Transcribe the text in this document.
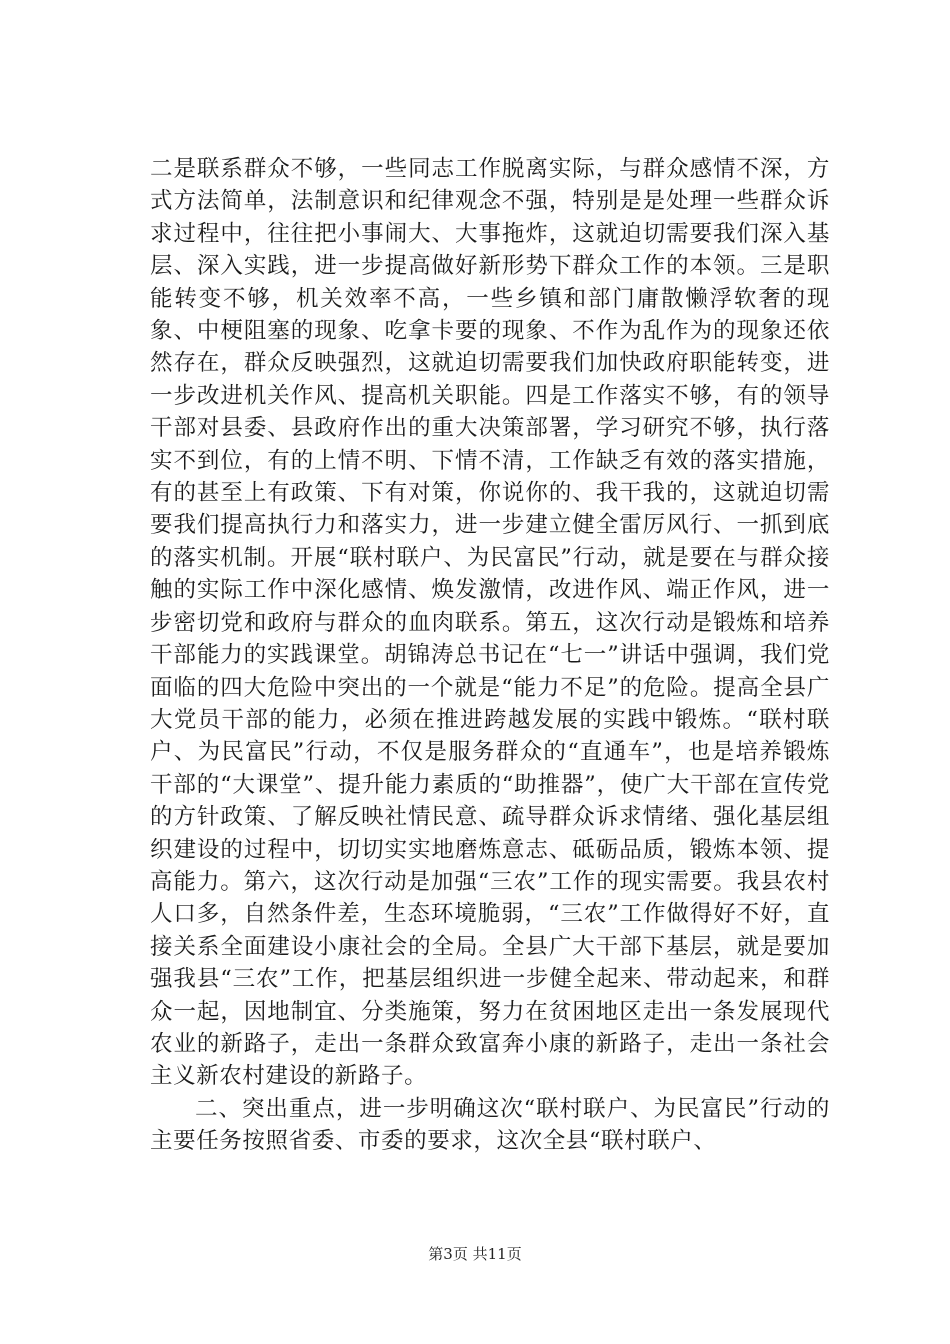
二是联系群众不够，一些同志工作脱离实际，与群众感情不深，方式方法简单，法制意识和纪律观念不强，特别是是处理一些群众诉求过程中，往往把小事闹大、大事拖炸，这就迫切需要我们深入基层、深入实践，进一步提高做好新形势下群众工作的本领。三是职能转变不够，机关效率不高，一些乡镇和部门庸散懒浮软奢的现象、中梗阻塞的现象、吃拿卡要的现象、不作为乱作为的现象还依然存在，群众反映强烈，这就迫切需要我们加快政府职能转变，进一步改进机关作风、提高机关职能。四是工作落实不够，有的领导干部对县委、县政府作出的重大决策部署，学习研究不够，执行落实不到位，有的上情不明、下情不清，工作缺乏有效的落实措施，有的甚至上有政策、下有对策，你说你的、我干我的，这就迫切需要我们提高执行力和落实力，进一步建立健全雷厉风行、一抓到底的落实机制。开展“联村联户、为民富民”行动，就是要在与群众接触的实际工作中深化感情、焕发激情，改进作风、端正作风，进一步密切党和政府与群众的血肉联系。第五，这次行动是锻炼和培养干部能力的实践课堂。胡锦涛总书记在“七一”讲话中强调，我们党面临的四大危险中突出的一个就是“能力不足”的危险。提高全县广大党员干部的能力，必须在推进跨越发展的实践中锻炼。“联村联户、为民富民”行动，不仅是服务群众的“直通车”，也是培养锻炼干部的“大课堂”、提升能力素质的“助推器”，使广大干部在宣传党的方针政策、了解反映社情民意、疏导群众诉求情绪、强化基层组织建设的过程中，切切实实地磨炼意志、砥砺品质，锻炼本领、提高能力。第六，这次行动是加强“三农”工作的现实需要。我县农村人口多，自然条件差，生态环境脆弱，“三农”工作做得好不好，直接关系全面建设小康社会的全局。全县广大干部下基层，就是要加强我县“三农”工作，把基层组织进一步健全起来、带动起来，和群众一起，因地制宜、分类施策，努力在贫困地区走出一条发展现代农业的新路子，走出一条群众致富奔小康的新路子，走出一条社会主义新农村建设的新路子。

二、突出重点，进一步明确这次“联村联户、为民富民”行动的主要任务按照省委、市委的要求，这次全县“联村联户、

第3页 共11页
